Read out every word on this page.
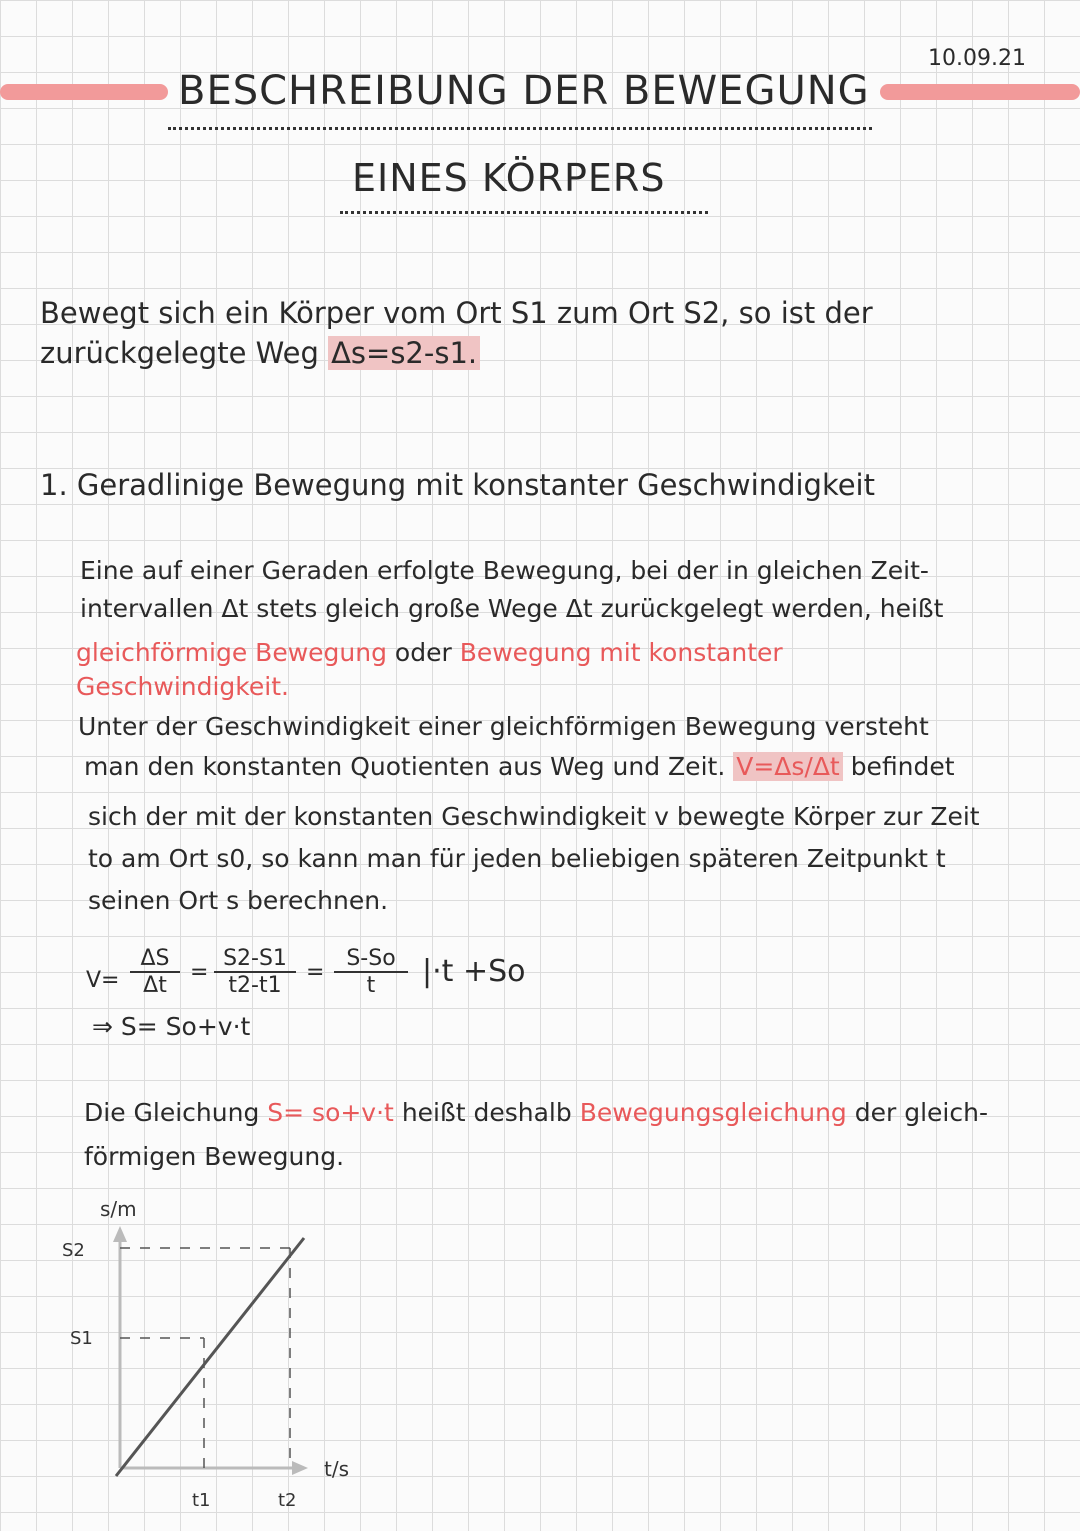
10.09.21
BESCHREIBUNG DER BEWEGUNG
EINES KÖRPERS
Bewegt sich ein Körper vom Ort S1 zum Ort S2, so ist der
zurückgelegte Weg Δs=s2-s1.
1. Geradlinige Bewegung mit konstanter Geschwindigkeit
Eine auf einer Geraden erfolgte Bewegung, bei der in gleichen Zeit-
intervallen Δt stets gleich große Wege Δt zurückgelegt werden, heißt
gleichförmige Bewegung oder Bewegung mit konstanter
Geschwindigkeit.
Unter der Geschwindigkeit einer gleichförmigen Bewegung versteht
man den konstanten Quotienten aus Weg und Zeit. V=Δs/Δt befindet
sich der mit der konstanten Geschwindigkeit v bewegte Körper zur Zeit
to am Ort s0, so kann man für jeden beliebigen späteren Zeitpunkt t
seinen Ort s berechnen.
$V= \frac{\Delta S}{\Delta t} = \frac{S2-S1}{t2-t1} = \frac{S-So}{t} |\cdot t +So$
⇒ S= So+v·t
Die Gleichung S= so+v·t heißt deshalb Bewegungsgleichung der gleich-
förmigen Bewegung.
s/m
t/s
S2
S1
t1	t2
